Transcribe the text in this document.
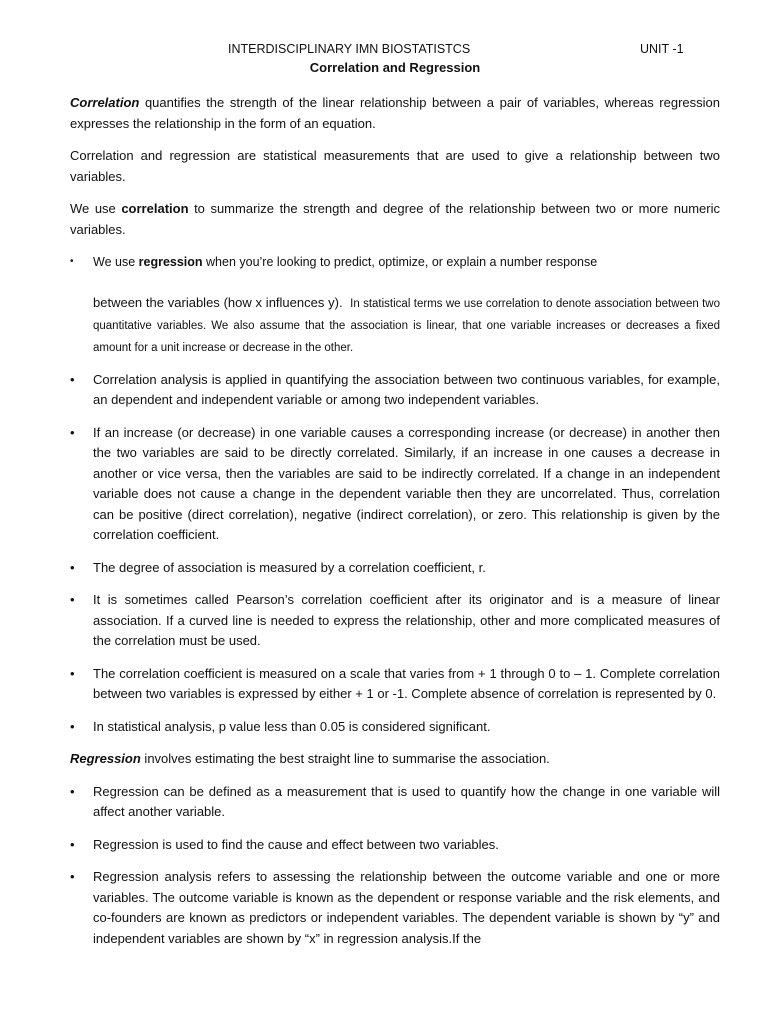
INTERDISCIPLINARY IMN BIOSTATISTCS	UNIT -1
Correlation and Regression

Correlation quantifies the strength of the linear relationship between a pair of variables, whereas regression expresses the relationship in the form of an equation.

Correlation and regression are statistical measurements that are used to give a relationship between two variables.

We use correlation to summarize the strength and degree of the relationship between two or more numeric variables.

• We use regression when you’re looking to predict, optimize, or explain a number response
between the variables (how x influences y). In statistical terms we use correlation to denote association between two quantitative variables. We also assume that the association is linear, that one variable increases or decreases a fixed amount for a unit increase or decrease in the other.
• Correlation analysis is applied in quantifying the association between two continuous variables, for example, an dependent and independent variable or among two independent variables.
• If an increase (or decrease) in one variable causes a corresponding increase (or decrease) in another then the two variables are said to be directly correlated. Similarly, if an increase in one causes a decrease in another or vice versa, then the variables are said to be indirectly correlated. If a change in an independent variable does not cause a change in the dependent variable then they are uncorrelated. Thus, correlation can be positive (direct correlation), negative (indirect correlation), or zero. This relationship is given by the correlation coefficient.
• The degree of association is measured by a correlation coefficient, r.
• It is sometimes called Pearson’s correlation coefficient after its originator and is a measure of linear association. If a curved line is needed to express the relationship, other and more complicated measures of the correlation must be used.
• The correlation coefficient is measured on a scale that varies from + 1 through 0 to – 1. Complete correlation between two variables is expressed by either + 1 or -1. Complete absence of correlation is represented by 0.
• In statistical analysis, p value less than 0.05 is considered significant.

Regression involves estimating the best straight line to summarise the association.

• Regression can be defined as a measurement that is used to quantify how the change in one variable will affect another variable.
• Regression is used to find the cause and effect between two variables.
• Regression analysis refers to assessing the relationship between the outcome variable and one or more variables. The outcome variable is known as the dependent or response variable and the risk elements, and co-founders are known as predictors or independent variables. The dependent variable is shown by “y” and independent variables are shown by “x” in regression analysis.If the
